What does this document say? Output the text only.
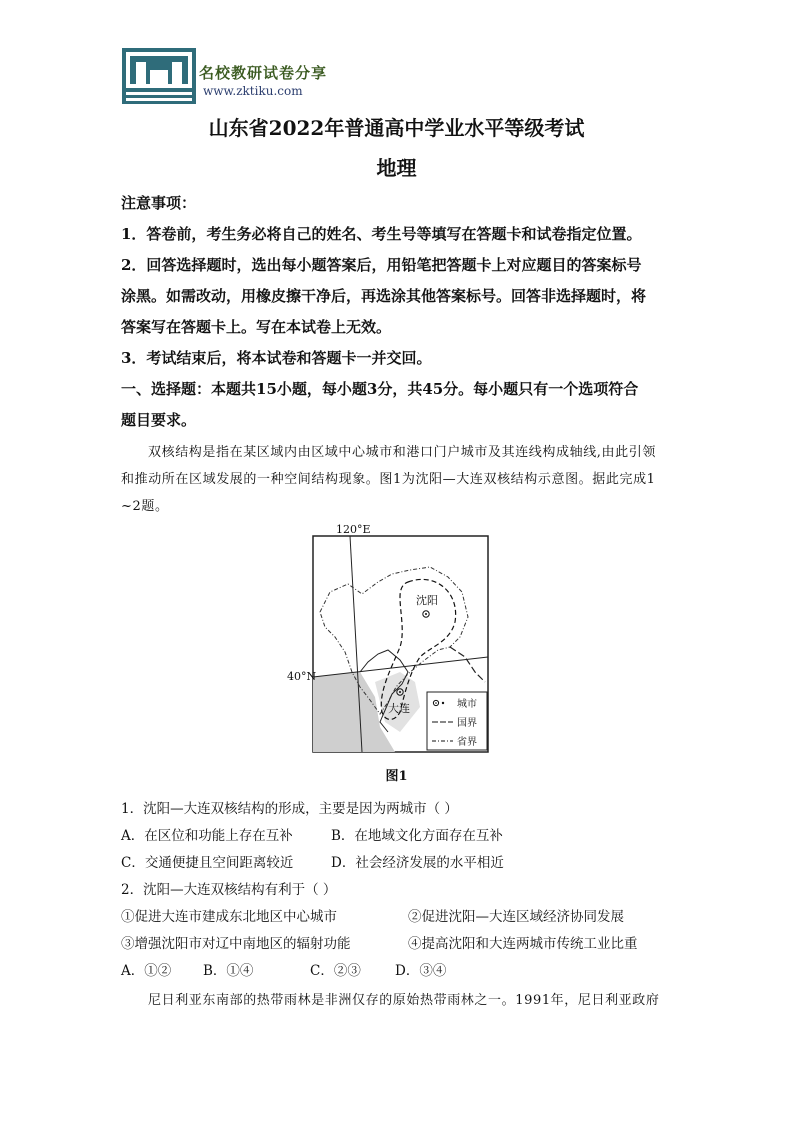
名校教研试卷分享
www.zktiku.com
山东省2022年普通高中学业水平等级考试
地理
注意事项：
1．答卷前，考生务必将自己的姓名、考生号等填写在答题卡和试卷指定位置。
2．回答选择题时，选出每小题答案后，用铅笔把答题卡上对应题目的答案标号
涂黑。如需改动，用橡皮擦干净后，再选涂其他答案标号。回答非选择题时，将
答案写在答题卡上。写在本试卷上无效。
3．考试结束后，将本试卷和答题卡一并交回。
一、选择题：本题共15小题，每小题3分，共45分。每小题只有一个选项符合
题目要求。
双核结构是指在某区域内由区域中心城市和港口门户城市及其连线构成轴线,由此引领
和推动所在区域发展的一种空间结构现象。图1为沈阳—大连双核结构示意图。据此完成1
~2题。
120°E
40°N
沈阳
大连	城市
国界
省界
图1
1．沈阳—大连双核结构的形成，主要是因为两城市（ ）
A．在区位和功能上存在互补	B．在地域文化方面存在互补
C．交通便捷且空间距离较近	D．社会经济发展的水平相近
2．沈阳—大连双核结构有利于（ ）
①促进大连市建成东北地区中心城市	②促进沈阳—大连区域经济协同发展
③增强沈阳市对辽中南地区的辐射功能	④提高沈阳和大连两城市传统工业比重
A．①② B．①④	C．②③	D．③④
尼日利亚东南部的热带雨林是非洲仅存的原始热带雨林之一。1991年，尼日利亚政府
